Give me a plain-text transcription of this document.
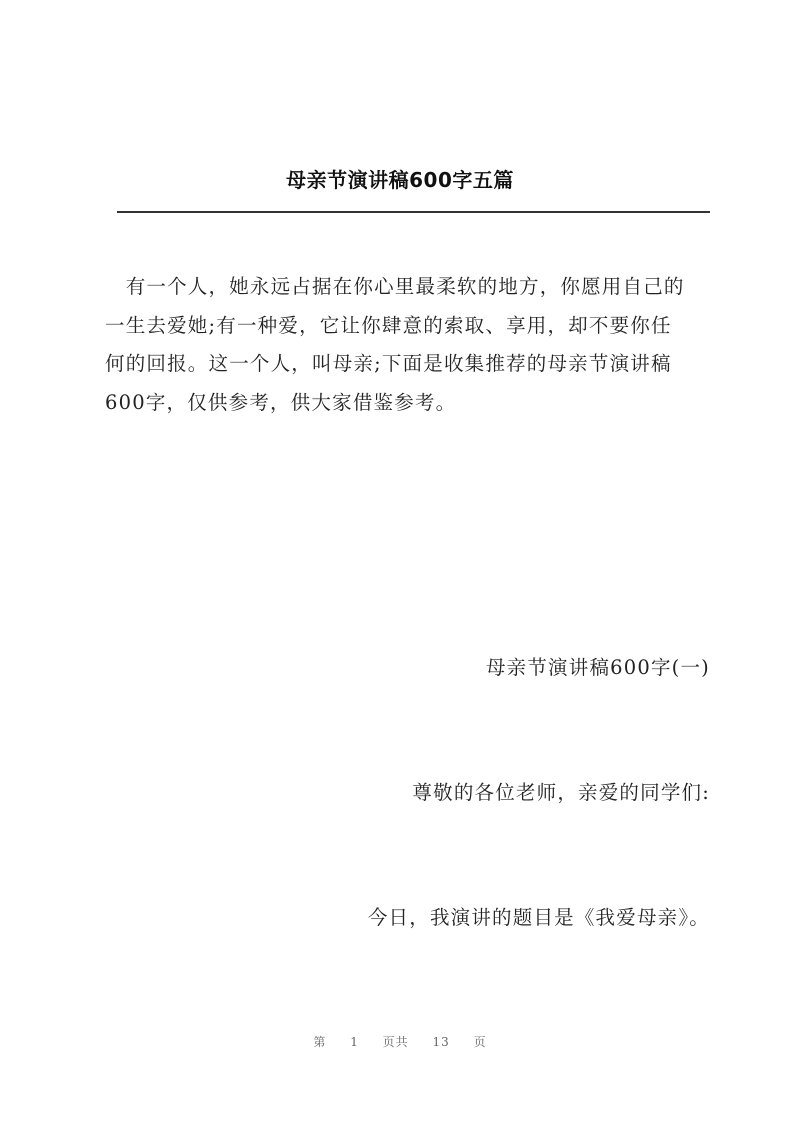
母亲节演讲稿600字五篇
　有一个人，她永远占据在你心里最柔软的地方，你愿用自己的
一生去爱她;有一种爱，它让你肆意的索取、享用，却不要你任
何的回报。这一个人，叫母亲;下面是收集推荐的母亲节演讲稿
600字，仅供参考，供大家借鉴参考。

母亲节演讲稿600字(一)

尊敬的各位老师，亲爱的同学们:

今日，我演讲的题目是《我爱母亲》。

第 1 页共 13 页
